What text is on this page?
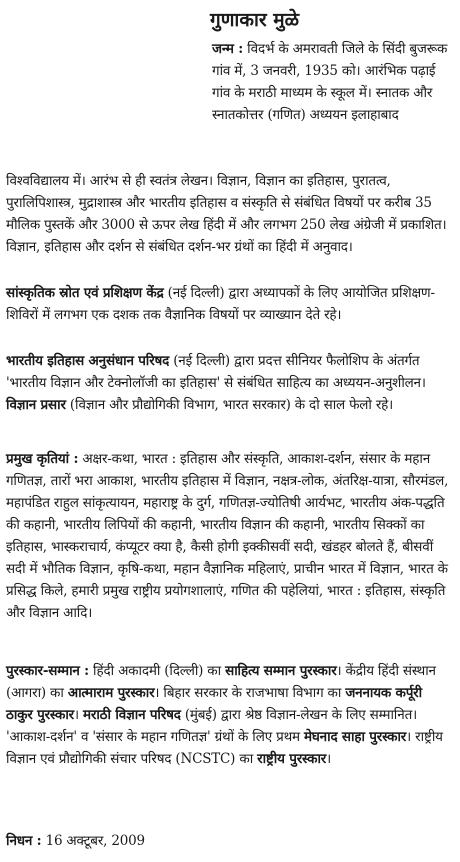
गुणाकार मुळे

जन्म : विदर्भ के अमरावती जिले के सिंदी बुजरूक गांव में, 3 जनवरी, 1935 को। आरंभिक पढ़ाई गांव के मराठी माध्यम के स्कूल में। स्नातक और स्नातकोत्तर (गणित) अध्ययन इलाहाबाद

विश्वविद्यालय में। आरंभ से ही स्वतंत्र लेखन। विज्ञान, विज्ञान का इतिहास, पुरातत्व, पुरालिपिशास्त्र, मुद्राशास्त्र और भारतीय इतिहास व संस्कृति से संबंधित विषयों पर करीब 35 मौलिक पुस्तकें और 3000 से ऊपर लेख हिंदी में और लगभग 250 लेख अंग्रेजी में प्रकाशित। विज्ञान, इतिहास और दर्शन से संबंधित दर्शन-भर ग्रंथों का हिंदी में अनुवाद।

सांस्कृतिक स्रोत एवं प्रशिक्षण केंद्र (नई दिल्ली) द्वारा अध्यापकों के लिए आयोजित प्रशिक्षण-शिविरों में लगभग एक दशक तक वैज्ञानिक विषयों पर व्याख्यान देते रहे।

भारतीय इतिहास अनुसंधान परिषद (नई दिल्ली) द्वारा प्रदत्त सीनियर फैलोशिप के अंतर्गत 'भारतीय विज्ञान और टेक्नोलॉजी का इतिहास' से संबंधित साहित्य का अध्ययन-अनुशीलन। विज्ञान प्रसार (विज्ञान और प्रौद्योगिकी विभाग, भारत सरकार) के दो साल फेलो रहे।

प्रमुख कृतियां : अक्षर-कथा, भारत : इतिहास और संस्कृति, आकाश-दर्शन, संसार के महान गणितज्ञ, तारों भरा आकाश, भारतीय इतिहास में विज्ञान, नक्षत्र-लोक, अंतरिक्ष-यात्रा, सौरमंडल, महापंडित राहुल सांकृत्यायन, महाराष्ट्र के दुर्ग, गणितज्ञ-ज्योतिषी आर्यभट, भारतीय अंक-पद्धति की कहानी, भारतीय लिपियों की कहानी, भारतीय विज्ञान की कहानी, भारतीय सिक्कों का इतिहास, भास्कराचार्य, कंप्यूटर क्या है, कैसी होगी इक्कीसवीं सदी, खंडहर बोलते हैं, बीसवीं सदी में भौतिक विज्ञान, कृषि-कथा, महान वैज्ञानिक महिलाएं, प्राचीन भारत में विज्ञान, भारत के प्रसिद्ध किले, हमारी प्रमुख राष्ट्रीय प्रयोगशालाएं, गणित की पहेलियां, भारत : इतिहास, संस्कृति और विज्ञान आदि।

पुरस्कार-सम्मान : हिंदी अकादमी (दिल्ली) का साहित्य सम्मान पुरस्कार। केंद्रीय हिंदी संस्थान (आगरा) का आत्माराम पुरस्कार। बिहार सरकार के राजभाषा विभाग का जननायक कर्पूरी ठाकुर पुरस्कार। मराठी विज्ञान परिषद (मुंबई) द्वारा श्रेष्ठ विज्ञान-लेखन के लिए सम्मानित। 'आकाश-दर्शन' व 'संसार के महान गणितज्ञ' ग्रंथों के लिए प्रथम मेघनाद साहा पुरस्कार। राष्ट्रीय विज्ञान एवं प्रौद्योगिकी संचार परिषद (NCSTC) का राष्ट्रीय पुरस्कार।

निधन : 16 अक्टूबर, 2009
